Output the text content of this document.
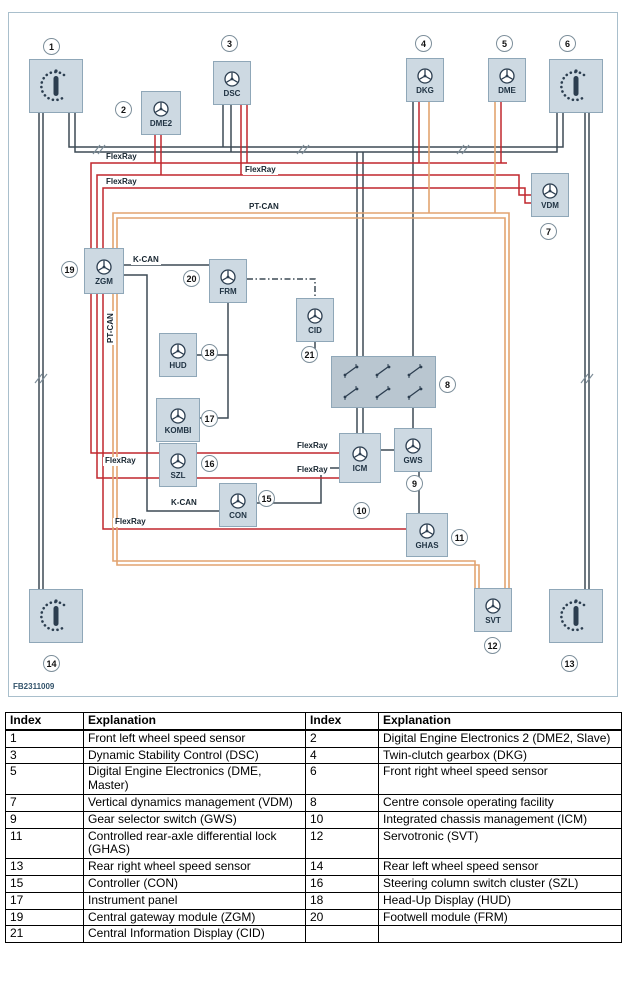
DSC
DME2
DKG	DME
VDM
ZGM
FRM
CID
HUD
KOMBI
SZL
CON
ICM
GWS
GHAS
SVT
1
2
3	4	5	6
7
8
9
10
11
12
13
14
15
16
17
18
19
20
21
FlexRay
FlexRay
FlexRay
PT-CAN
K-CAN
PT-CAN
FlexRay
K-CAN
FlexRay
FlexRay
FlexRay
FB2311009
Index	Explanation	Index	Explanation
1	Front left wheel speed sensor	2	Digital Engine Electronics 2 (DME2, Slave)
3	Dynamic Stability Control (DSC)	4	Twin-clutch gearbox (DKG)
5	Digital Engine Electronics (DME, Master)	6	Front right wheel speed sensor
7	Vertical dynamics management (VDM)	8	Centre console operating facility
9	Gear selector switch (GWS)	10	Integrated chassis management (ICM)
11	Controlled rear-axle differential lock (GHAS)	12	Servotronic (SVT)
13	Rear right wheel speed sensor	14	Rear left wheel speed sensor
15	Controller (CON)	16	Steering column switch cluster (SZL)
17	Instrument panel	18	Head-Up Display (HUD)
19	Central gateway module (ZGM)	20	Footwell module (FRM)
21	Central Information Display (CID)		
